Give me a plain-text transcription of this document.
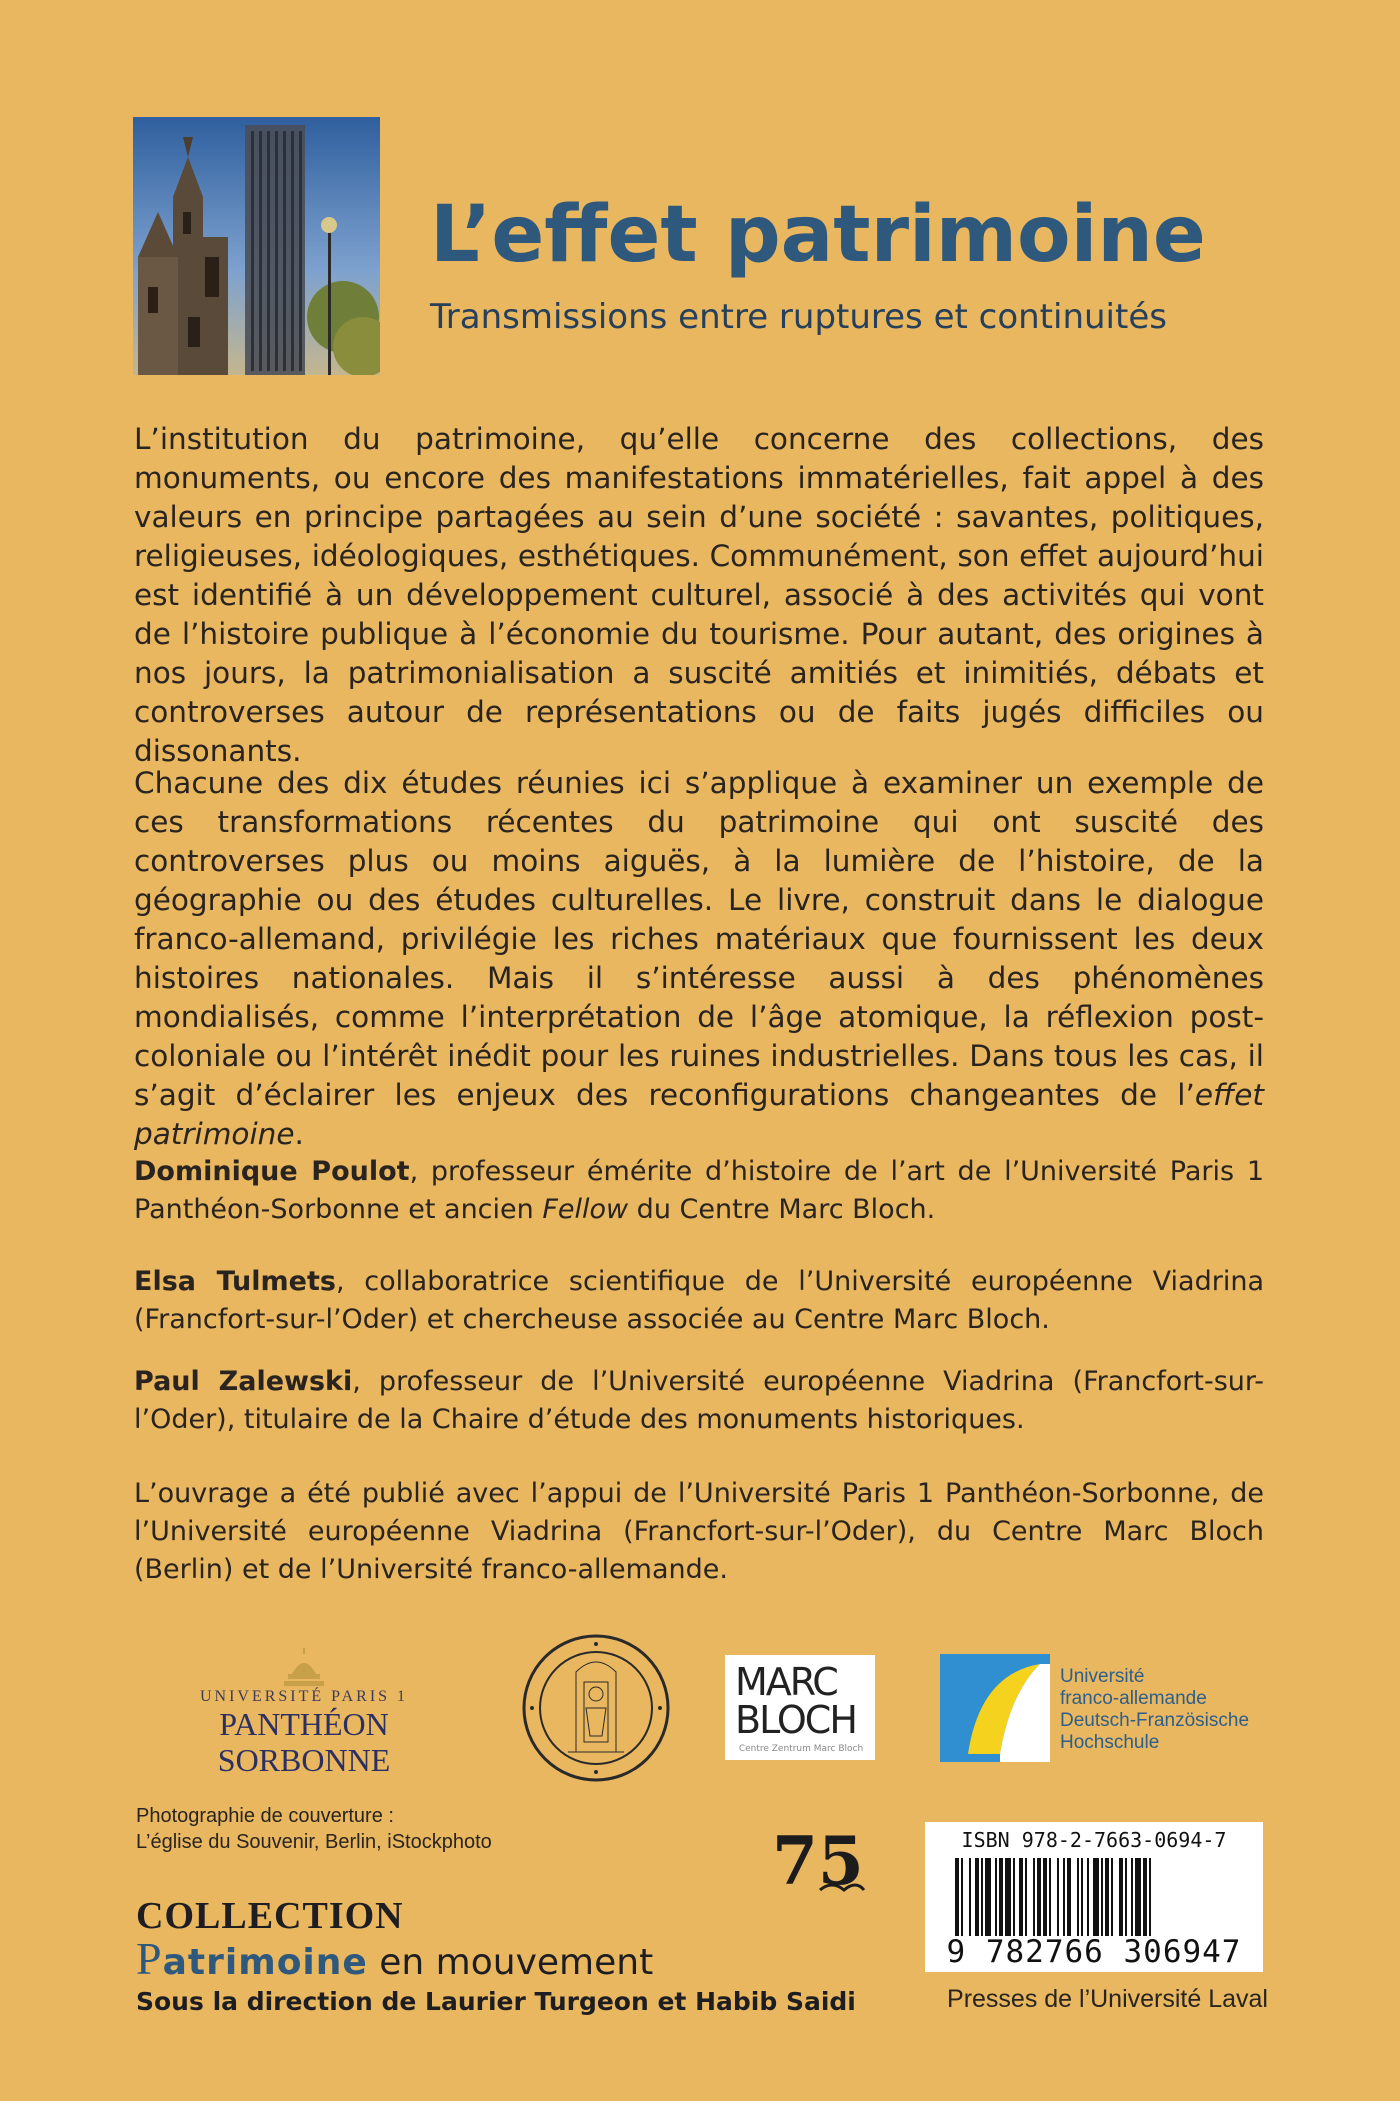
L’effet patrimoine
Transmissions entre ruptures et continuités
L’institution du patrimoine, qu’elle concerne des collections, des monuments, ou encore des manifestations immatérielles, fait appel à des valeurs en principe partagées au sein d’une société : savantes, politiques, religieuses, idéologiques, esthétiques. Communément, son effet aujourd’hui est identifié à un développement culturel, associé à des activités qui vont de l’histoire publique à l’économie du tourisme. Pour autant, des origines à nos jours, la patrimonialisation a suscité amitiés et inimitiés, débats et controverses autour de représentations ou de faits jugés difficiles ou dissonants.
Chacune des dix études réunies ici s’applique à examiner un exemple de ces transformations récentes du patrimoine qui ont suscité des controverses plus ou moins aiguës, à la lumière de l’histoire, de la géographie ou des études culturelles. Le livre, construit dans le dialogue franco-allemand, privilégie les riches matériaux que fournissent les deux histoires nationales. Mais il s’intéresse aussi à des phénomènes mondialisés, comme l’interprétation de l’âge atomique, la réflexion post-coloniale ou l’intérêt inédit pour les ruines industrielles. Dans tous les cas, il s’agit d’éclairer les enjeux des reconfigurations changeantes de l’effet patrimoine.
Dominique Poulot, professeur émérite d’histoire de l’art de l’Université Paris 1 Panthéon-Sorbonne et ancien Fellow du Centre Marc Bloch.
Elsa Tulmets, collaboratrice scientifique de l’Université européenne Viadrina (Francfort-sur-l’Oder) et chercheuse associée au Centre Marc Bloch.
Paul Zalewski, professeur de l’Université européenne Viadrina (Francfort-sur-l’Oder), titulaire de la Chaire d’étude des monuments historiques.
L’ouvrage a été publié avec l’appui de l’Université Paris 1 Panthéon-Sorbonne, de l’Université européenne Viadrina (Francfort-sur-l’Oder), du Centre Marc Bloch (Berlin) et de l’Université franco-allemande.
UNIVERSITÉ PARIS 1
PANTHÉON SORBONNE
MARC
BLOCH
Centre Zentrum Marc Bloch
Université
franco-allemande
Deutsch-Französische
Hochschule
Photographie de couverture :
L’église du Souvenir, Berlin, iStockphoto	75
COLLECTION
Patrimoine en mouvement
Sous la direction de Laurier Turgeon et Habib Saidi
ISBN 978-2-7663-0694-7
9 782766 306947
Presses de l’Université Laval
